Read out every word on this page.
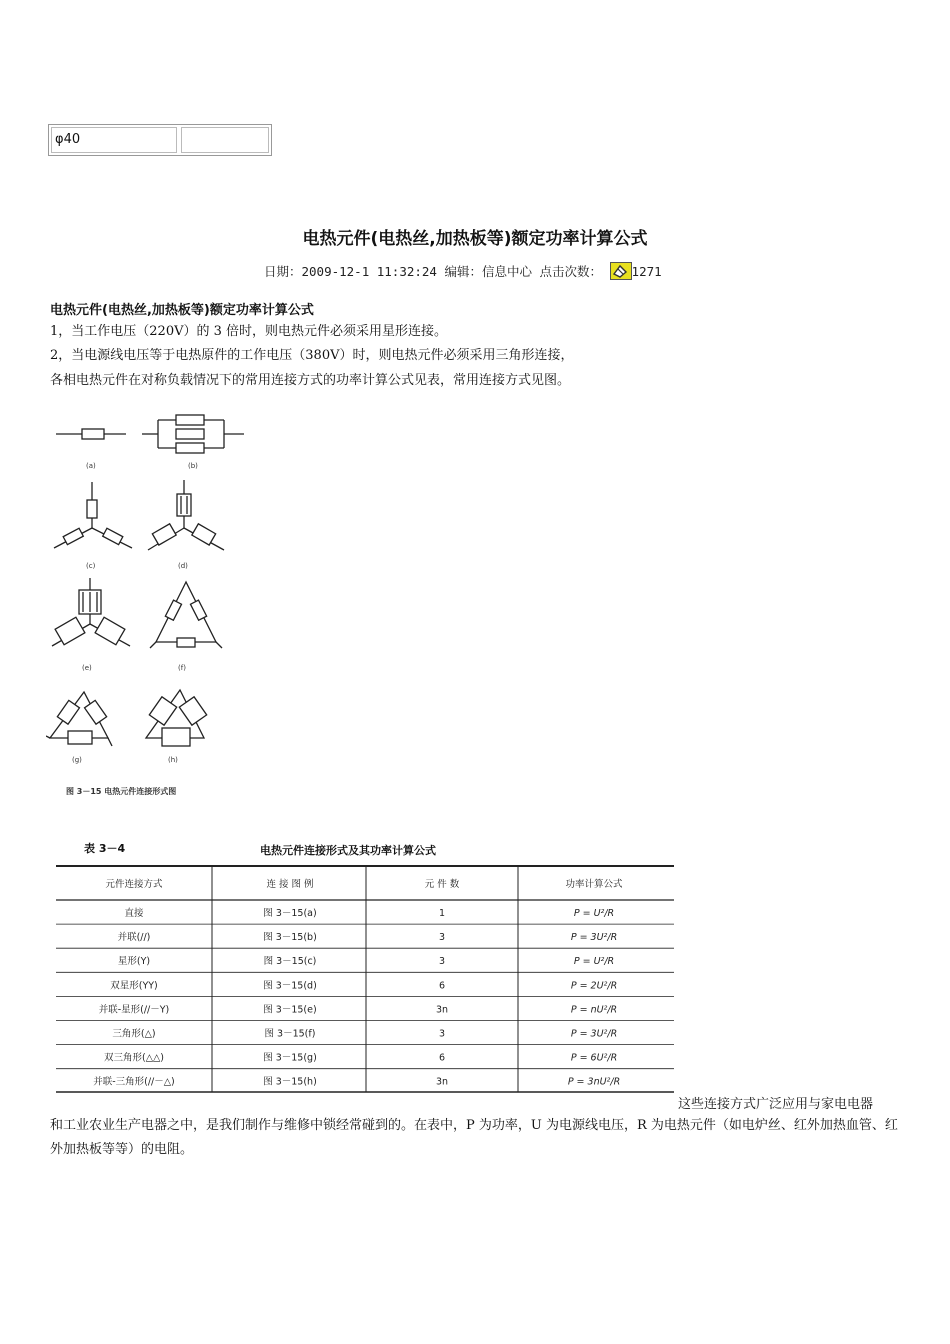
φ40
电热元件(电热丝,加热板等)额定功率计算公式
日期：2009-12-1 11:32:24 编辑：信息中心 点击次数： 1271
电热元件(电热丝,加热板等)额定功率计算公式
1，当工作电压（220V）的 3 倍时，则电热元件必须采用星形连接。
2，当电源线电压等于电热原件的工作电压（380V）时，则电热元件必须采用三角形连接，
各相电热元件在对称负载情况下的常用连接方式的功率计算公式见表，常用连接方式见图。
(a)	(b)
(c)	(d)
(e)	(f)
(g)	(h)
图 3－15 电热元件连接形式图
表 3－4	电热元件连接形式及其功率计算公式
元件连接方式	连 接 图 例	元 件 数	功率计算公式
直接	图 3－15(a)	1	P = U²/R
并联(//)	图 3－15(b)	3	P = 3U²/R
星形(Y)	图 3－15(c)	3	P = U²/R
双星形(YY)	图 3－15(d)	6	P = 2U²/R
并联-星形(//－Y)	图 3－15(e)	3n	P = nU²/R
三角形(△)	图 3－15(f)	3	P = 3U²/R
双三角形(△△)	图 3－15(g)	6	P = 6U²/R
并联-三角形(//－△)	图 3－15(h)	3n	P = 3nU²/R
这些连接方式广泛应用与家电电器
和工业农业生产电器之中，是我们制作与维修中锁经常碰到的。在表中，P 为功率，U 为电源线电压，R 为电热元件（如电炉丝、红外加热血管、红外加热板等等）的电阻。
